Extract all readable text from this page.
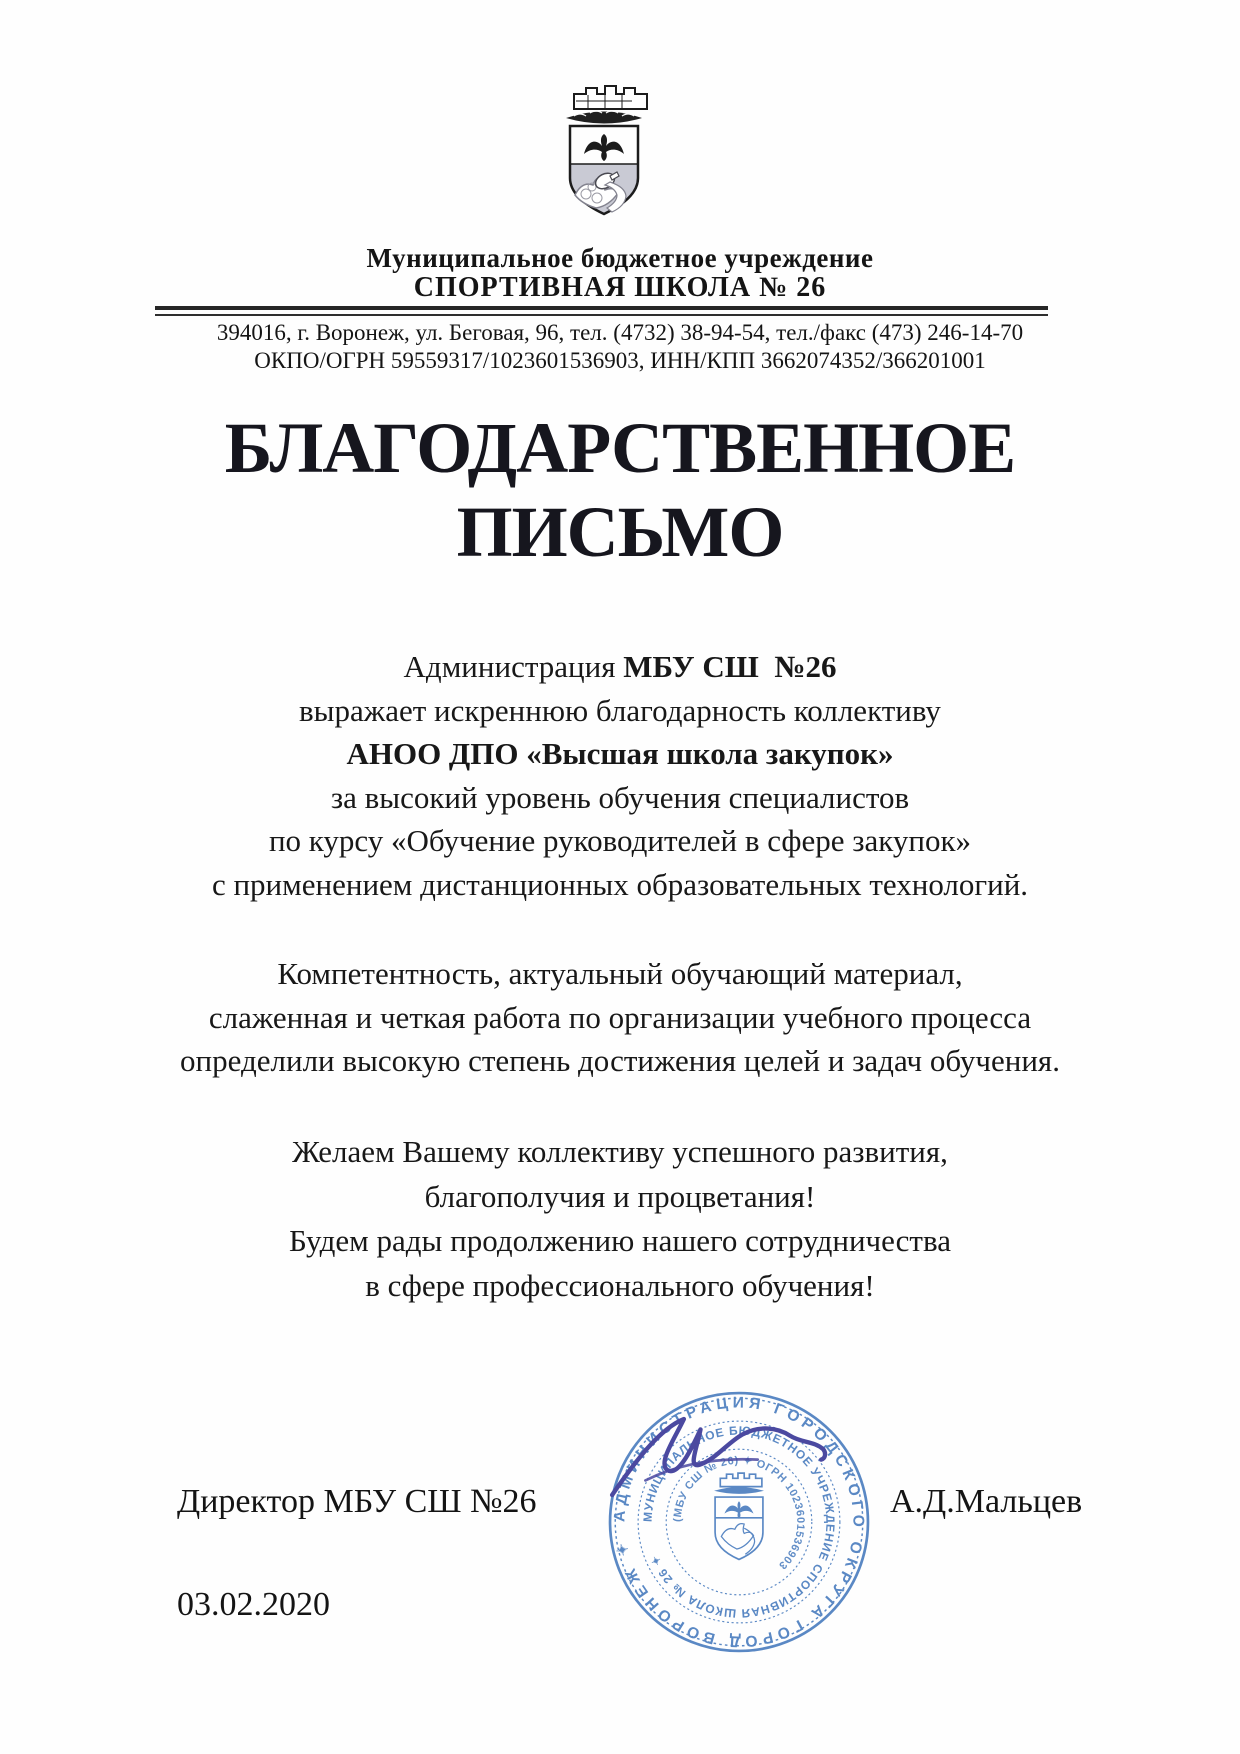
Муниципальное бюджетное учреждение
СПОРТИВНАЯ ШКОЛА № 26
394016, г. Воронеж, ул. Беговая, 96, тел. (4732) 38-94-54, тел./факс (473) 246-14-70
ОКПО/ОГРН 59559317/1023601536903, ИНН/КПП 3662074352/366201001
БЛАГОДАРСТВЕННОЕ
ПИСЬМО
Администрация МБУ СШ  №26
выражает искреннюю благодарность коллективу
АНОО ДПО «Высшая школа закупок»
за высокий уровень обучения специалистов
по курсу «Обучение руководителей в сфере закупок»
с применением дистанционных образовательных технологий.
Компетентность, актуальный обучающий материал,
слаженная и четкая работа по организации учебного процесса
определили высокую степень достижения целей и задач обучения.
Желаем Вашему коллективу успешного развития,
благополучия и процветания!
Будем рады продолжению нашего сотрудничества
в сфере профессионального обучения!
Директор МБУ СШ №26	А.Д.Мальцев
03.02.2020
АДМИНИСТРАЦИЯ ГОРОДСКОГО ОКРУГА ГОРОД ВОРОНЕЖ ✦
МУНИЦИПАЛЬНОЕ БЮДЖЕТНОЕ УЧРЕЖДЕНИЕ СПОРТИВНАЯ ШКОЛА № 26 ✦
(МБУ СШ № 26) ✦ ОГРН 1023601536903
